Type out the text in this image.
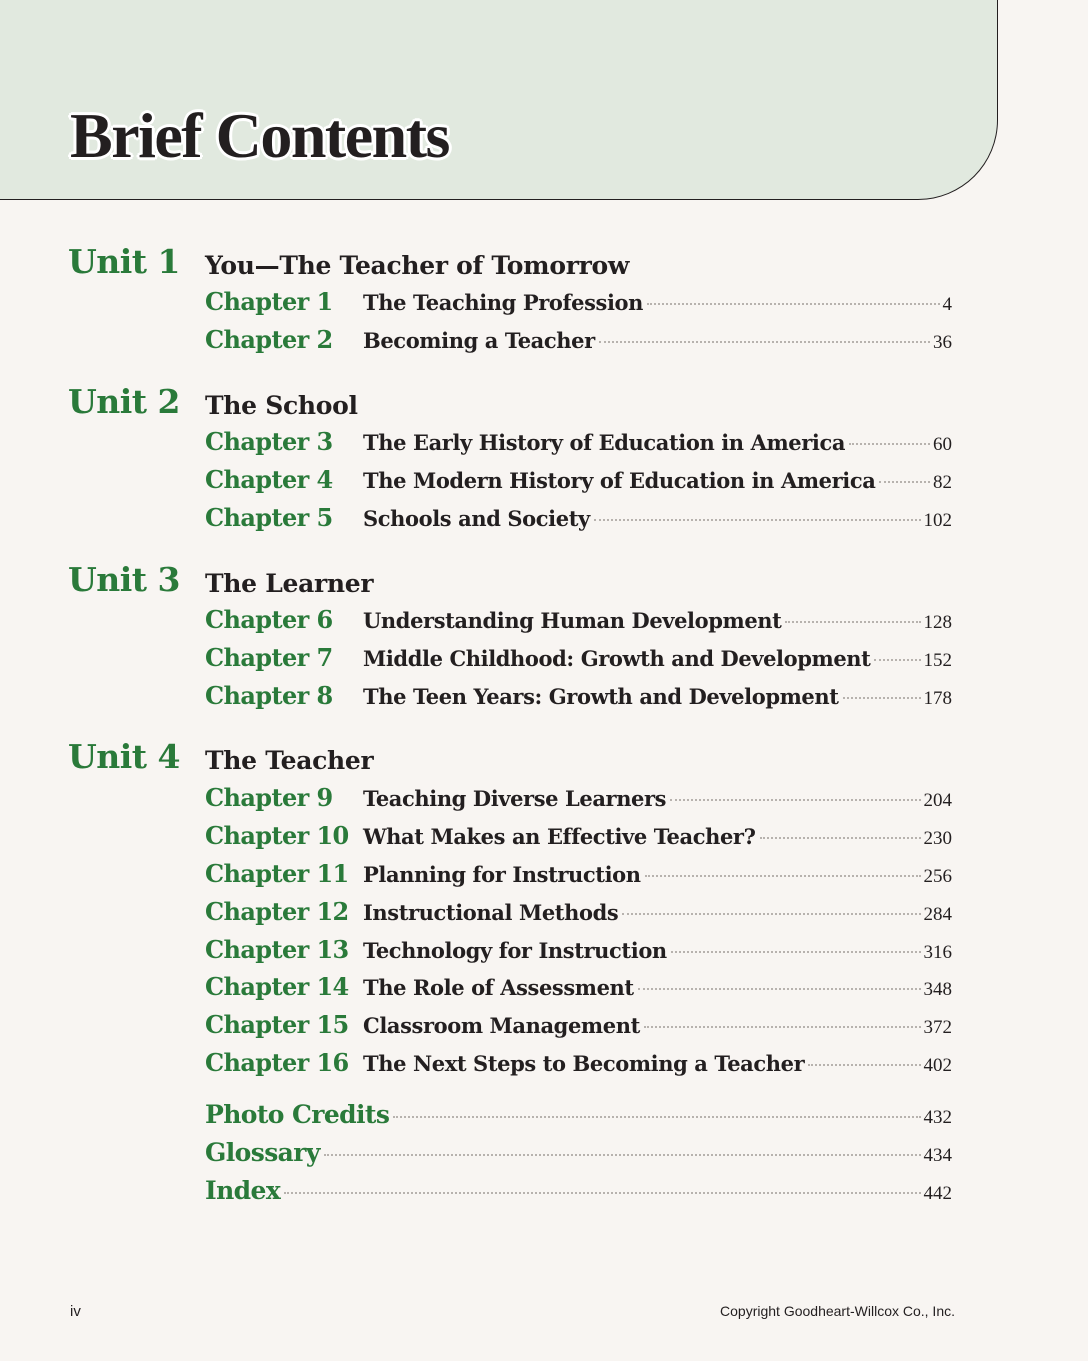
Brief Contents
Unit 1 You—The Teacher of Tomorrow
Chapter 1	The Teaching Profession	4
Chapter 2	Becoming a Teacher	36
Unit 2 The School
Chapter 3	The Early History of Education in America	60
Chapter 4	The Modern History of Education in America	82
Chapter 5	Schools and Society	102
Unit 3 The Learner
Chapter 6	Understanding Human Development	128
Chapter 7	Middle Childhood: Growth and Development	152
Chapter 8	The Teen Years: Growth and Development	178
Unit 4 The Teacher
Chapter 9	Teaching Diverse Learners	204
Chapter 10 What Makes an Effective Teacher?	230
Chapter 11 Planning for Instruction	256
Chapter 12 Instructional Methods	284
Chapter 13 Technology for Instruction	316
Chapter 14 The Role of Assessment	348
Chapter 15 Classroom Management	372
Chapter 16 The Next Steps to Becoming a Teacher	402
Photo Credits	432
Glossary	434
Index	442
iv	Copyright Goodheart-Willcox Co., Inc.
